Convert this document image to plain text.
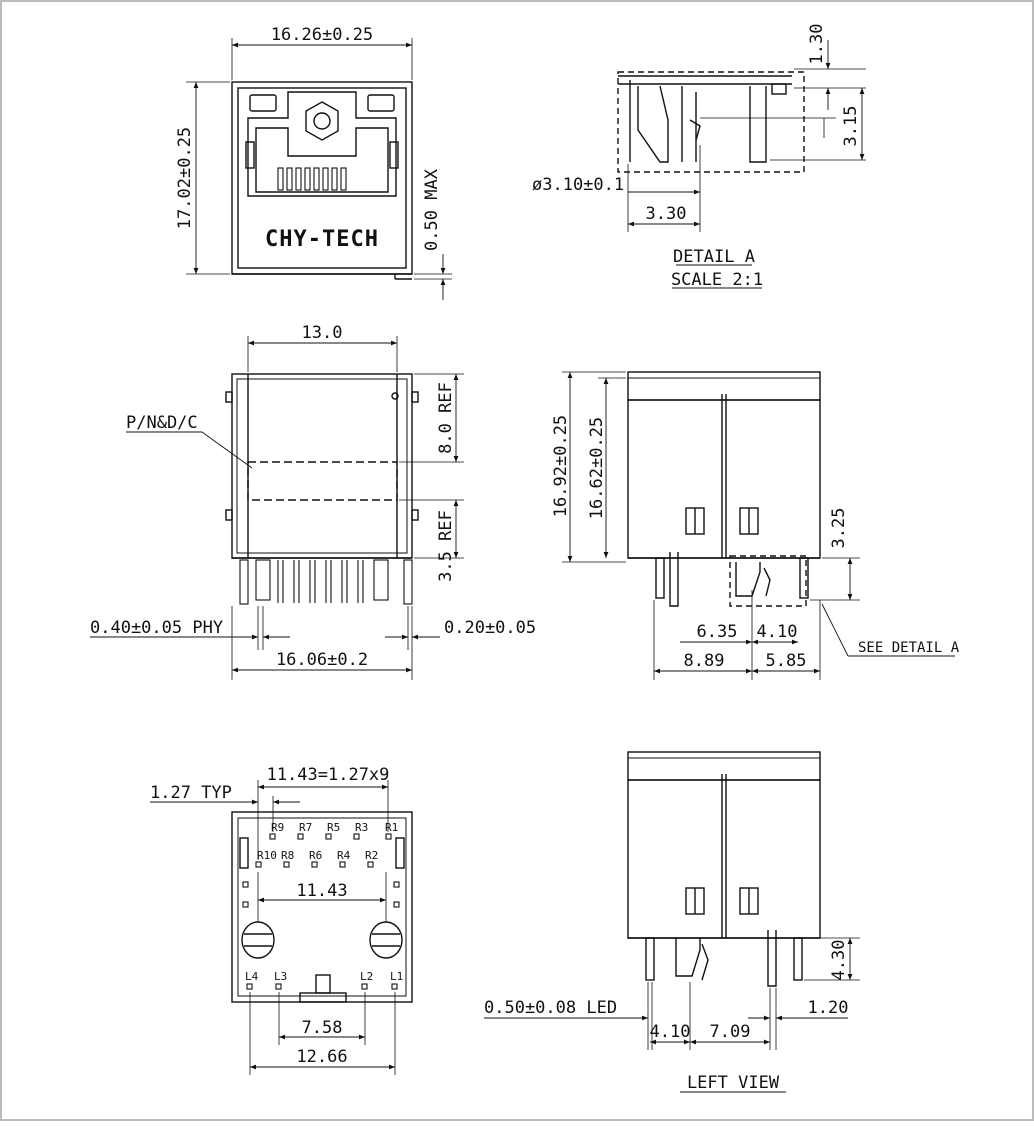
16.26±0.25
17.02±0.25	0.50 MAX
CHY-TECH
1.30
3.15
ø3.10±0.1
3.30
DETAIL A
SCALE 2:1
13.0
P/N&D/C	8.0 REF
3.5 REF
0.40±0.05 PHY	0.20±0.05
16.06±0.2
16.92±0.25 16.62±0.25
3.25
6.35 4.10
8.89 5.85
SEE DETAIL A
1.27 TYP
11.43=1.27x9
11.43
7.58
12.66
R9 R7 R5 R3 R1
R10 R8 R6 R4 R2
L4 L3	L2 L1	4.30
0.50±0.08 LED
4.10 7.09
1.20
LEFT VIEW
